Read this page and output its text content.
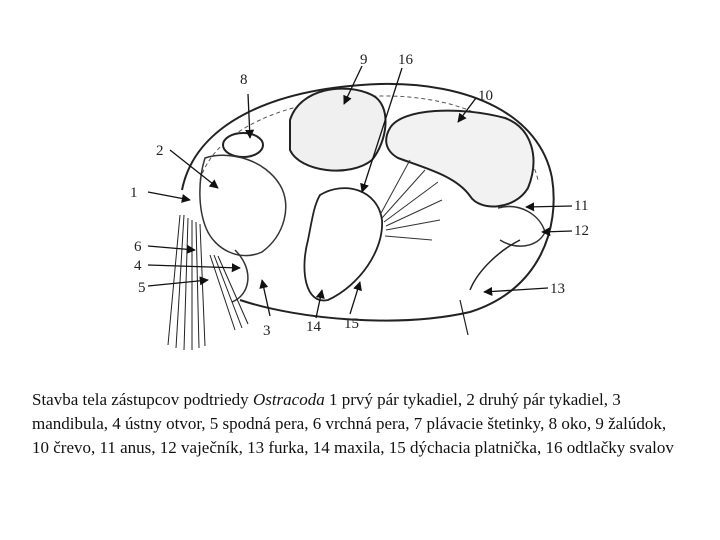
1
2
3
4
5
6
8
9
10
11
12
13
14 15
16
Stavba tela zástupcov podtriedy Ostracoda 1 prvý pár tykadiel, 2 druhý pár tykadiel, 3 mandibula, 4 ústny otvor, 5 spodná pera, 6 vrchná pera, 7 plávacie štetinky, 8 oko, 9 žalúdok, 10 črevo, 11 anus, 12 vaječník, 13 furka, 14 maxila, 15 dýchacia platnička, 16 odtlačky svalov
